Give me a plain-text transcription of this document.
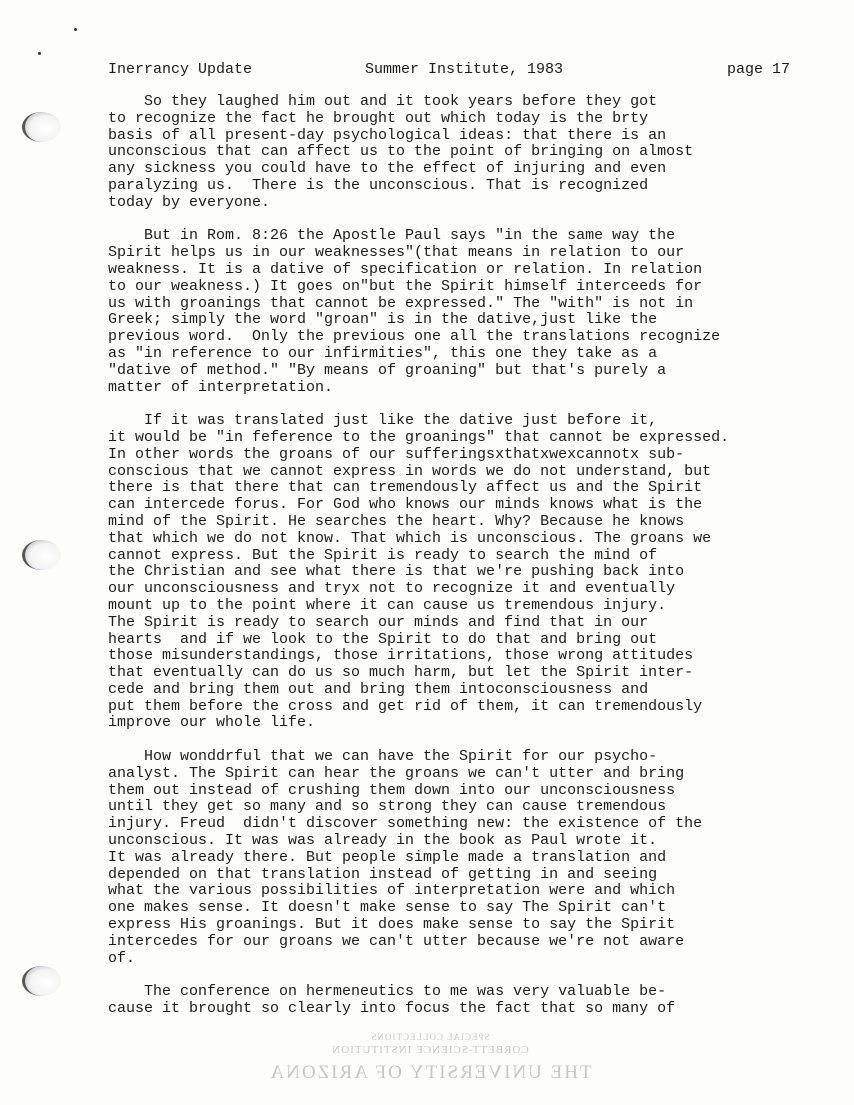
Inerrancy Update	Summer Institute, 1983	page 17
So they laughed him out and it took years before they got
to recognize the fact he brought out which today is the brty
basis of all present-day psychological ideas: that there is an
unconscious that can affect us to the point of bringing on almost
any sickness you could have to the effect of injuring and even
paralyzing us.  There is the unconscious. That is recognized
today by everyone.
But in Rom. 8:26 the Apostle Paul says "in the same way the
Spirit helps us in our weaknesses"(that means in relation to our
weakness. It is a dative of specification or relation. In relation
to our weakness.) It goes on"but the Spirit himself interceeds for
us with groanings that cannot be expressed." The "with" is not in
Greek; simply the word "groan" is in the dative,just like the
previous word.  Only the previous one all the translations recognize
as "in reference to our infirmities", this one they take as a
"dative of method." "By means of groaning" but that's purely a
matter of interpretation.
If it was translated just like the dative just before it,
it would be "in feference to the groanings" that cannot be expressed.
In other words the groans of our sufferingsxthatxwexcannotx sub-
conscious that we cannot express in words we do not understand, but
there is that there that can tremendously affect us and the Spirit
can intercede forus. For God who knows our minds knows what is the
mind of the Spirit. He searches the heart. Why? Because he knows
that which we do not know. That which is unconscious. The groans we
cannot express. But the Spirit is ready to search the mind of
the Christian and see what there is that we're pushing back into
our unconsciousness and tryx not to recognize it and eventually
mount up to the point where it can cause us tremendous injury.
The Spirit is ready to search our minds and find that in our
hearts  and if we look to the Spirit to do that and bring out
those misunderstandings, those irritations, those wrong attitudes
that eventually can do us so much harm, but let the Spirit inter-
cede and bring them out and bring them intoconsciousness and
put them before the cross and get rid of them, it can tremendously
improve our whole life.
How wonddrful that we can have the Spirit for our psycho-
analyst. The Spirit can hear the groans we can't utter and bring
them out instead of crushing them down into our unconsciousness
until they get so many and so strong they can cause tremendous
injury. Freud  didn't discover something new: the existence of the
unconscious. It was was already in the book as Paul wrote it.
It was already there. But people simple made a translation and
depended on that translation instead of getting in and seeing
what the various possibilities of interpretation were and which
one makes sense. It doesn't make sense to say The Spirit can't
express His groanings. But it does make sense to say the Spirit
intercedes for our groans we can't utter because we're not aware
of.
The conference on hermeneutics to me was very valuable be-
cause it brought so clearly into focus the fact that so many of
SPECIAL COLLECTIONS
CORBETT-SCIENCE INSTITUTION
THE UNIVERSITY OF ARIZONA
